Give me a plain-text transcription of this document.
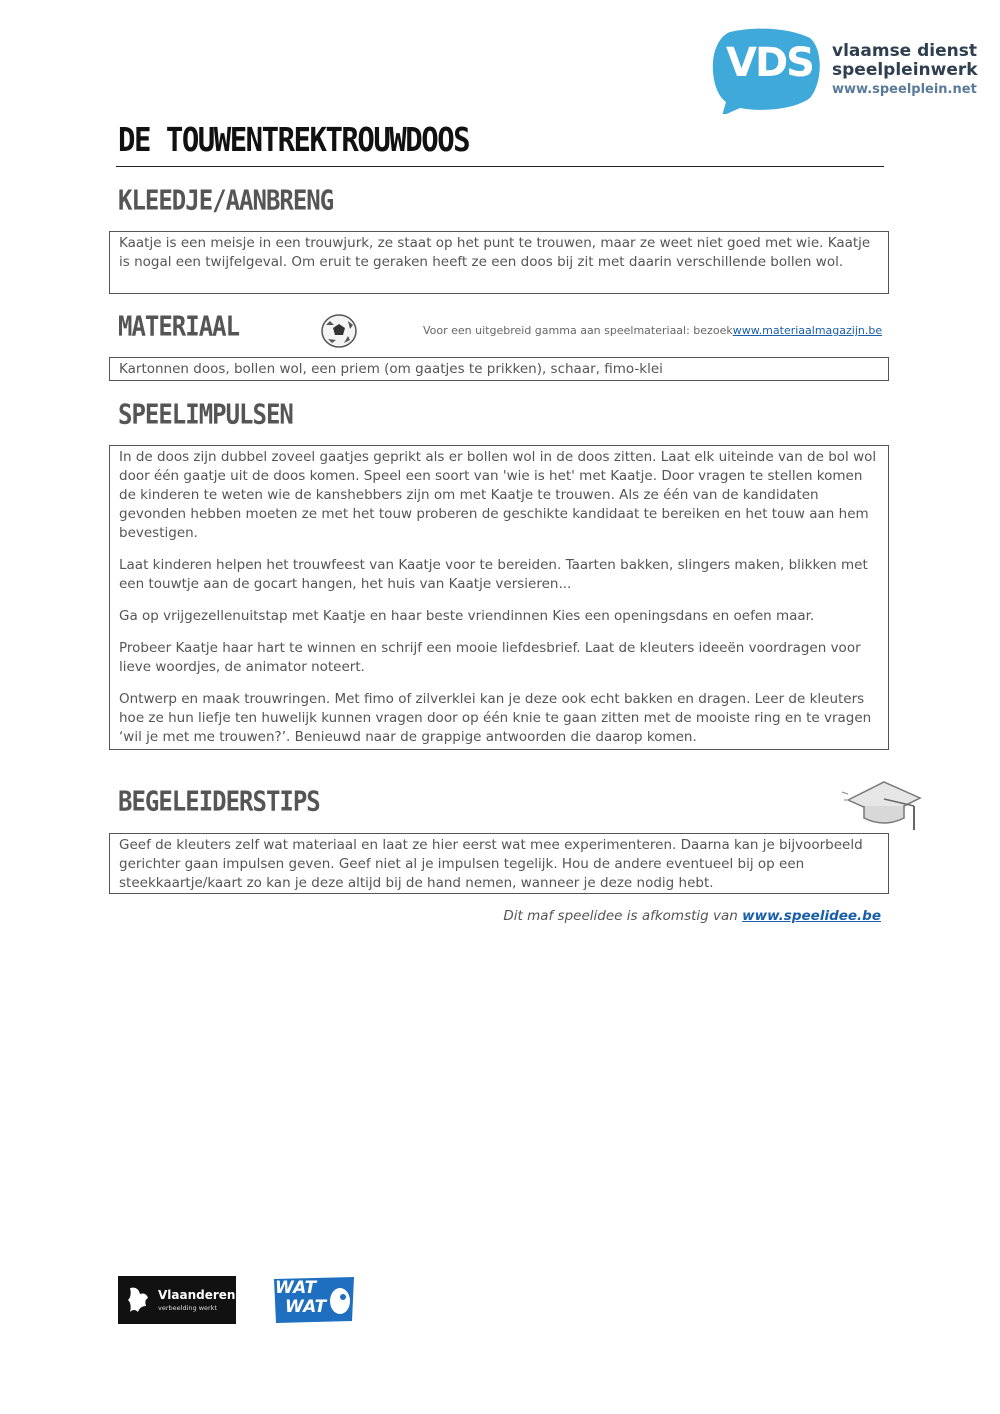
VDS vlaamse dienst
speelpleinwerk
www.speelplein.net
DE TOUWENTREKTROUWDOOS
KLEEDJE/AANBRENG

Kaatje is een meisje in een trouwjurk, ze staat op het punt te trouwen, maar ze weet niet goed met wie. Kaatje is nogal een twijfelgeval. Om eruit te geraken heeft ze een doos bij zit met daarin verschillende bollen wol.

MATERIAAL	Voor een uitgebreid gamma aan speelmateriaal: bezoekwww.materiaalmagazijn.be

Kartonnen doos, bollen wol, een priem (om gaatjes te prikken), schaar, fimo-klei

SPEELIMPULSEN

In de doos zijn dubbel zoveel gaatjes geprikt als er bollen wol in de doos zitten. Laat elk uiteinde van de bol wol door één gaatje uit de doos komen. Speel een soort van 'wie is het' met Kaatje. Door vragen te stellen komen de kinderen te weten wie de kanshebbers zijn om met Kaatje te trouwen. Als ze één van de kandidaten gevonden hebben moeten ze met het touw proberen de geschikte kandidaat te bereiken en het touw aan hem bevestigen.

Laat kinderen helpen het trouwfeest van Kaatje voor te bereiden. Taarten bakken, slingers maken, blikken met een touwtje aan de gocart hangen, het huis van Kaatje versieren...

Ga op vrijgezellenuitstap met Kaatje en haar beste vriendinnen Kies een openingsdans en oefen maar.

Probeer Kaatje haar hart te winnen en schrijf een mooie liefdesbrief. Laat de kleuters ideeën voordragen voor lieve woordjes, de animator noteert.

Ontwerp en maak trouwringen. Met fimo of zilverklei kan je deze ook echt bakken en dragen. Leer de kleuters hoe ze hun liefje ten huwelijk kunnen vragen door op één knie te gaan zitten met de mooiste ring en te vragen ‘wil je met me trouwen?’. Benieuwd naar de grappige antwoorden die daarop komen.

BEGELEIDERSTIPS

Geef de kleuters zelf wat materiaal en laat ze hier eerst wat mee experimenteren. Daarna kan je bijvoorbeeld gerichter gaan impulsen geven. Geef niet al je impulsen tegelijk. Hou de andere eventueel bij op een steekkaartje/kaart zo kan je deze altijd bij de hand nemen, wanneer je deze nodig hebt.

Dit maf speelidee is afkomstig van www.speelidee.be
Vlaanderen
verbeelding werkt
WAT
WAT
